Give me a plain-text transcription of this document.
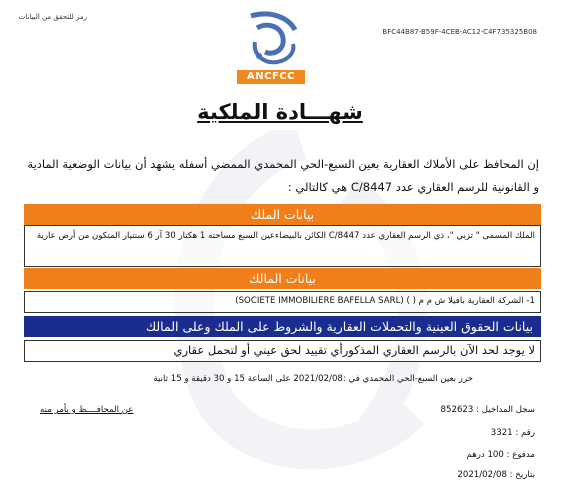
رمز للتحقق من البيانات
BFC44B87-B59F-4CEB-AC12-C4F735325B08
ANCFCC
شهـــادة الملكية
إن المحافظ على الأملاك العقارية بعين السبع-الحي المحمدي الممضي أسفله يشهد أن بيانات الوضعية المادية و القانونية للرسم العقاري عدد C/8447 هي كالتالي :
بيانات الملك
الملك المسمى " تزبي "، ذي الرسم العقاري عدد C/8447 الكائن بالبيضاءعين السبع مساحته 1 هكتار 30 آر 6 سنتيار المتكون من أرض عارية
بيانات المالك
1- الشركة العقارية بافيلا ش م م ( ) (SOCIETE IMMOBILIERE BAFELLA SARL)
بيانات الحقوق العينية والتحملات العقارية والشروط على الملك وعلى المالك
لا يوجد لحد الآن بالرسم العقاري المذكورأي تقييد لحق عيني أو لتحمل عقاري
حرر بعين السبع-الحي المحمدي في :2021/02/08 على الساعة 15 و 30 دقيقة و 15 ثانية
عن المحافــــظ و بأمر منه	سجل المداخيل : 852623
رقم : 3321
مدفوع : 100 درهم
بتاريخ : 2021/02/08
